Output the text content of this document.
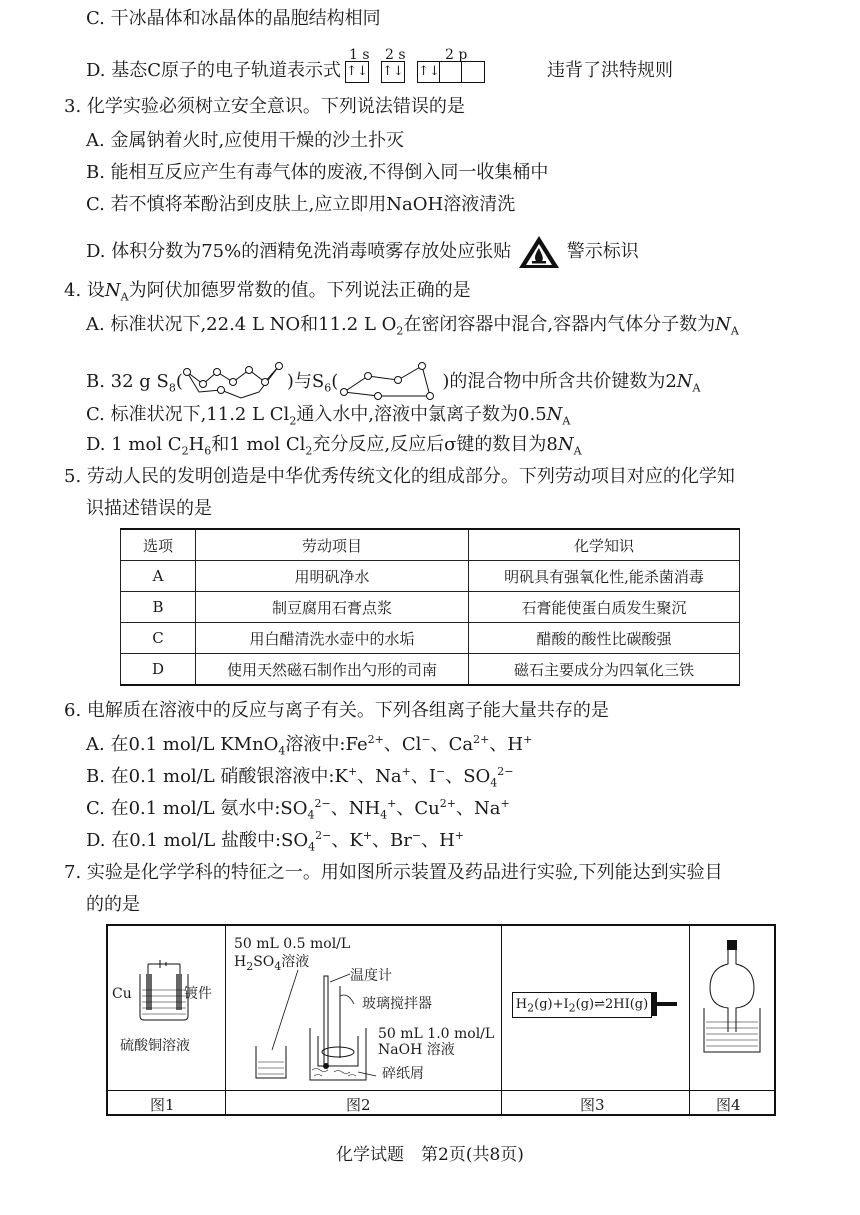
C. 干冰晶体和冰晶体的晶胞结构相同
D. 基态C原子的电子轨道表示式
1 s 2 s	2 p
↑↓ ↑↓ ↑↓	违背了洪特规则
3. 化学实验必须树立安全意识。下列说法错误的是
A. 金属钠着火时,应使用干燥的沙土扑灭
B. 能相互反应产生有毒气体的废液,不得倒入同一收集桶中
C. 若不慎将苯酚沾到皮肤上,应立即用NaOH溶液清洗
D. 体积分数为75%的酒精免洗消毒喷雾存放处应张贴	警示标识
4. 设$N_A$为阿伏加德罗常数的值。下列说法正确的是
A. 标准状况下,22.4 L NO和11.2 L $O_2$在密闭容器中混合,容器内气体分子数为$N_A$
B. 32 g $S_8$(	)与$S_6$(	)的混合物中所含共价键数为$2N_A$
C. 标准状况下,11.2 L $Cl_2$通入水中,溶液中氯离子数为$0.5N_A$
D. 1 mol $C_2H_6$和1 mol $Cl_2$充分反应,反应后σ键的数目为$8N_A$
5. 劳动人民的发明创造是中华优秀传统文化的组成部分。下列劳动项目对应的化学知
识描述错误的是
选项	劳动项目	化学知识
A	用明矾净水	明矾具有强氧化性,能杀菌消毒
B	制豆腐用石膏点浆	石膏能使蛋白质发生聚沉
C	用白醋清洗水壶中的水垢	醋酸的酸性比碳酸强
D	使用天然磁石制作出勺形的司南	磁石主要成分为四氧化三铁
6. 电解质在溶液中的反应与离子有关。下列各组离子能大量共存的是
A. 在0.1 mol/L KMnO$_4$溶液中$:Fe^{2+}$、Cl−、$Ca^{2+}$、H+
B. 在0.1 mol/L 硝酸银溶液中:K+、Na+、I−、$SO_4^{2-}$
C. 在0.1 mol/L 氨水中$:SO_4^{2-}$、$NH_4^+$、$Cu^{2+}$、Na+
D. 在0.1 mol/L 盐酸中$:SO_4^{2-}$、K+、Br−、H+
7. 实验是化学学科的特征之一。用如图所示装置及药品进行实验,下列能达到实验目
的的是
Cu	镀件
硫酸铜溶液
50 mL 0.5 mol/L
$H_2SO_4$溶液
温度计
玻璃搅拌器
50 mL 1.0 mol/L
NaOH 溶液
碎纸屑
$H_2(g)+I_2(g)\rightleftharpoons 2HI(g)$
图1	图2	图3	图4
化学试题　第2页(共8页)
